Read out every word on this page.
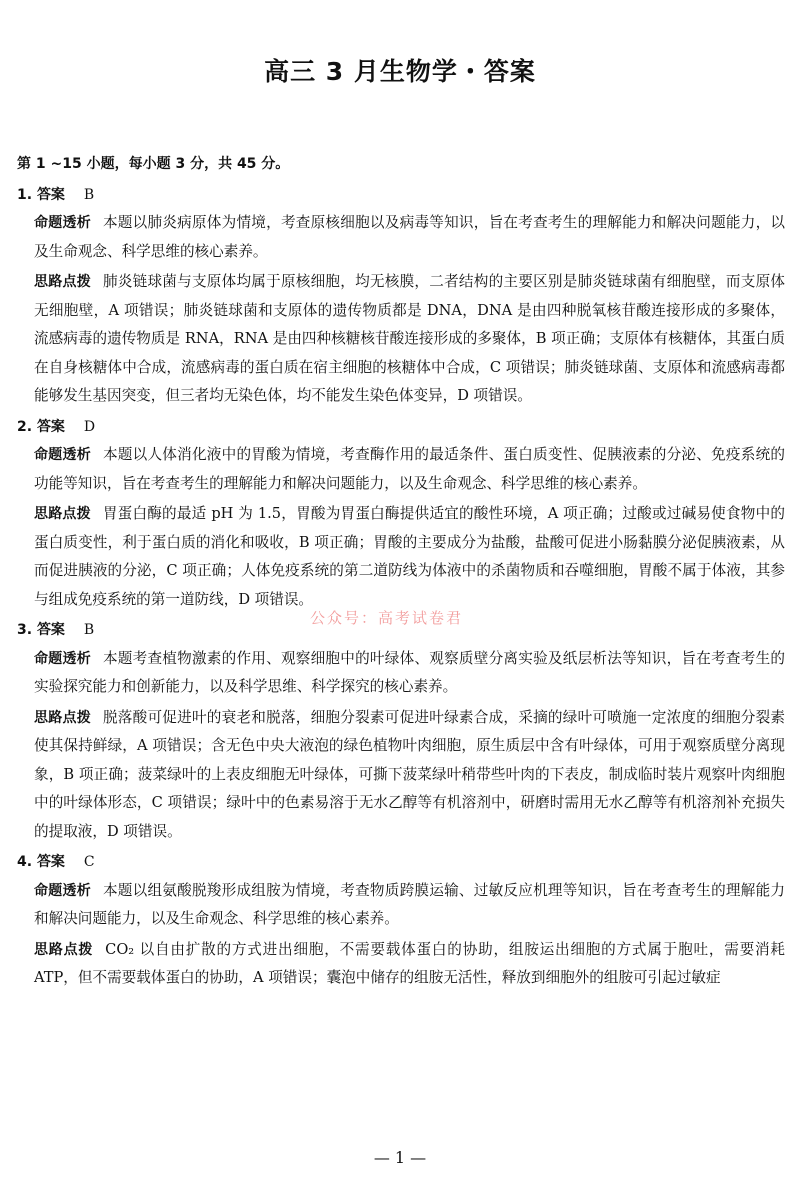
高三 3 月生物学・答案
第 1 ~15 小题，每小题 3 分，共 45 分。
1. 答案 B
命题透析 本题以肺炎病原体为情境，考查原核细胞以及病毒等知识，旨在考查考生的理解能力和解决问题能力，以及生命观念、科学思维的核心素养。
思路点拨 肺炎链球菌与支原体均属于原核细胞，均无核膜，二者结构的主要区别是肺炎链球菌有细胞壁，而支原体无细胞壁，A 项错误；肺炎链球菌和支原体的遗传物质都是 DNA，DNA 是由四种脱氧核苷酸连接形成的多聚体，流感病毒的遗传物质是 RNA，RNA 是由四种核糖核苷酸连接形成的多聚体，B 项正确；支原体有核糖体，其蛋白质在自身核糖体中合成，流感病毒的蛋白质在宿主细胞的核糖体中合成，C 项错误；肺炎链球菌、支原体和流感病毒都能够发生基因突变，但三者均无染色体，均不能发生染色体变异，D 项错误。
2. 答案 D
命题透析 本题以人体消化液中的胃酸为情境，考查酶作用的最适条件、蛋白质变性、促胰液素的分泌、免疫系统的功能等知识，旨在考查考生的理解能力和解决问题能力，以及生命观念、科学思维的核心素养。
思路点拨 胃蛋白酶的最适 pH 为 1.5，胃酸为胃蛋白酶提供适宜的酸性环境，A 项正确；过酸或过碱易使食物中的蛋白质变性，利于蛋白质的消化和吸收，B 项正确；胃酸的主要成分为盐酸，盐酸可促进小肠黏膜分泌促胰液素，从而促进胰液的分泌，C 项正确；人体免疫系统的第二道防线为体液中的杀菌物质和吞噬细胞，胃酸不属于体液，其参与组成免疫系统的第一道防线，D 项错误。
3. 答案 B
命题透析 本题考查植物激素的作用、观察细胞中的叶绿体、观察质壁分离实验及纸层析法等知识，旨在考查考生的实验探究能力和创新能力，以及科学思维、科学探究的核心素养。
思路点拨 脱落酸可促进叶的衰老和脱落，细胞分裂素可促进叶绿素合成，采摘的绿叶可喷施一定浓度的细胞分裂素使其保持鲜绿，A 项错误；含无色中央大液泡的绿色植物叶肉细胞，原生质层中含有叶绿体，可用于观察质壁分离现象，B 项正确；菠菜绿叶的上表皮细胞无叶绿体，可撕下菠菜绿叶稍带些叶肉的下表皮，制成临时装片观察叶肉细胞中的叶绿体形态，C 项错误；绿叶中的色素易溶于无水乙醇等有机溶剂中，研磨时需用无水乙醇等有机溶剂补充损失的提取液，D 项错误。
4. 答案 C
命题透析 本题以组氨酸脱羧形成组胺为情境，考查物质跨膜运输、过敏反应机理等知识，旨在考查考生的理解能力和解决问题能力，以及生命观念、科学思维的核心素养。
思路点拨 CO₂ 以自由扩散的方式进出细胞，不需要载体蛋白的协助，组胺运出细胞的方式属于胞吐，需要消耗 ATP，但不需要载体蛋白的协助，A 项错误；囊泡中储存的组胺无活性，释放到细胞外的组胺可引起过敏症
公众号：高考试卷君
— 1 —
